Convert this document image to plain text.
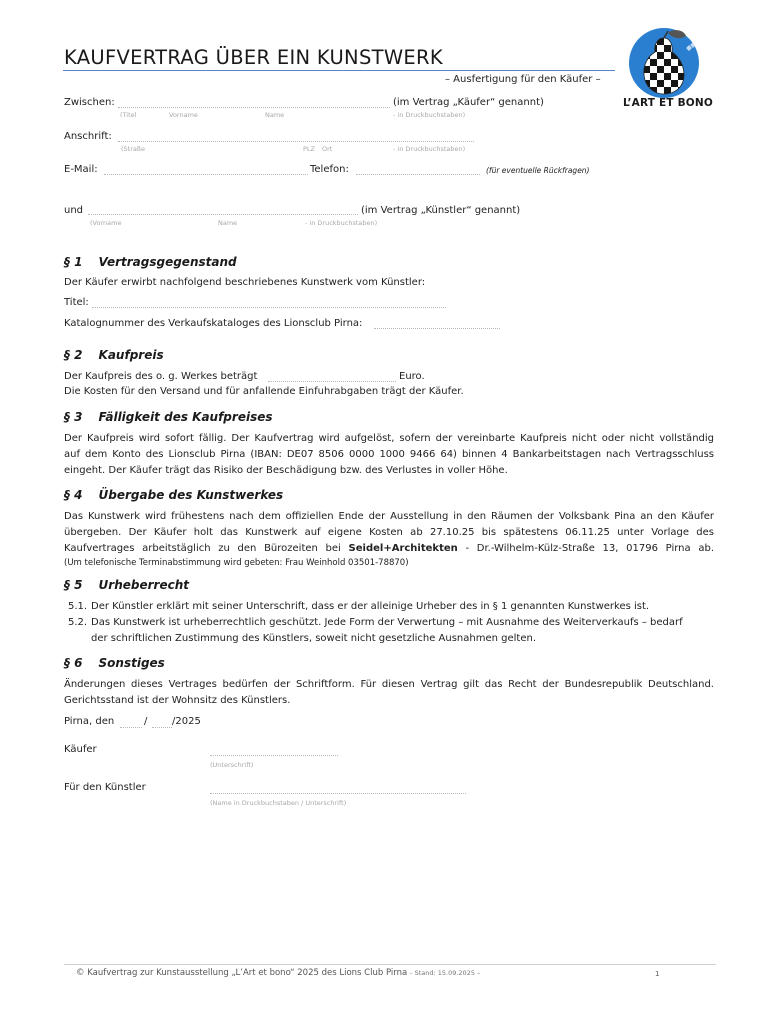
KAUFVERTRAG ÜBER EIN KUNSTWERK
– Ausfertigung für den Käufer –
L’ART ET BONO
Zwischen:	(im Vertrag „Käufer“ genannt)
(Titel	Vorname	Name	- in Druckbuchstaben)
Anschrift:
(Straße	PLZ Ort	- in Druckbuchstaben)
E-Mail:	Telefon:	(für eventuelle Rückfragen)
und	(im Vertrag „Künstler“ genannt)
(Vorname	Name	- in Druckbuchstaben)
§ 1 Vertragsgegenstand
Der Käufer erwirbt nachfolgend beschriebenes Kunstwerk vom Künstler:
Titel:
Katalognummer des Verkaufskataloges des Lionsclub Pirna:
§ 2 Kaufpreis
Der Kaufpreis des o. g. Werkes beträgt	Euro.
Die Kosten für den Versand und für anfallende Einfuhrabgaben trägt der Käufer.
§ 3 Fälligkeit des Kaufpreises
Der Kaufpreis wird sofort fällig. Der Kaufvertrag wird aufgelöst, sofern der vereinbarte Kaufpreis nicht oder nicht vollständig
auf dem Konto des Lionsclub Pirna (IBAN: DE07 8506 0000 1000 9466 64) binnen 4 Bankarbeitstagen nach Vertragsschluss
eingeht. Der Käufer trägt das Risiko der Beschädigung bzw. des Verlustes in voller Höhe.
§ 4 Übergabe des Kunstwerkes
Das Kunstwerk wird frühestens nach dem offiziellen Ende der Ausstellung in den Räumen der Volksbank Pina an den Käufer
übergeben. Der Käufer holt das Kunstwerk auf eigene Kosten ab 27.10.25 bis spätestens 06.11.25 unter Vorlage des
Kaufvertrages arbeitstäglich zu den Bürozeiten bei Seidel+Architekten - Dr.-Wilhelm-Külz-Straße 13, 01796 Pirna ab.
(Um telefonische Terminabstimmung wird gebeten: Frau Weinhold 03501-78870)
§ 5 Urheberrecht
5.1. Der Künstler erklärt mit seiner Unterschrift, dass er der alleinige Urheber des in § 1 genannten Kunstwerkes ist.
5.2. Das Kunstwerk ist urheberrechtlich geschützt. Jede Form der Verwertung – mit Ausnahme des Weiterverkaufs – bedarf
der schriftlichen Zustimmung des Künstlers, soweit nicht gesetzliche Ausnahmen gelten.
§ 6 Sonstiges
Änderungen dieses Vertrages bedürfen der Schriftform. Für diesen Vertrag gilt das Recht der Bundesrepublik Deutschland.
Gerichtsstand ist der Wohnsitz des Künstlers.
Pirna, den	/ /2025
Käufer
(Unterschrift)
Für den Künstler
(Name in Druckbuchstaben / Unterschrift)
© Kaufvertrag zur Kunstausstellung „L’Art et bono“ 2025 des Lions Club Pirna – Stand: 15.09.2025 –	1
